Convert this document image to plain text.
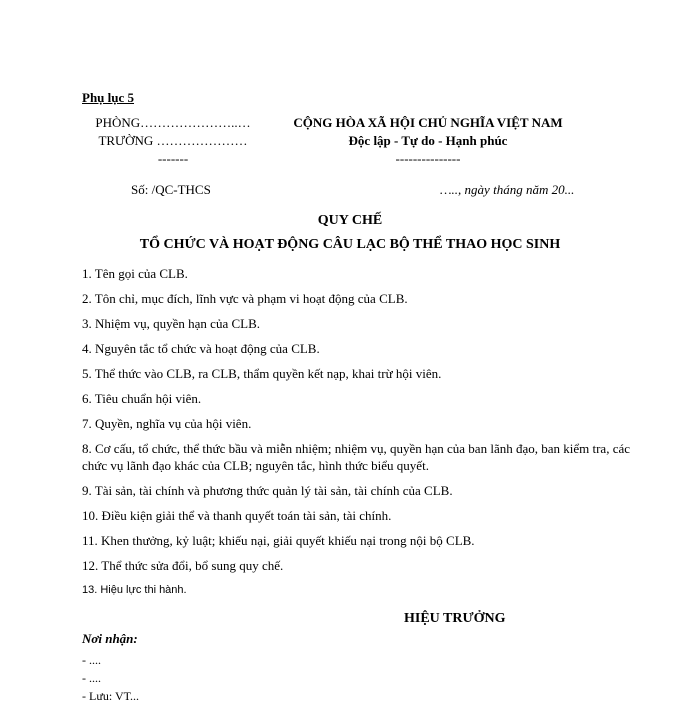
Phụ lục 5
PHÒNG…………………..…
TRƯỜNG …………………
-------
CỘNG HÒA XÃ HỘI CHỦ NGHĨA VIỆT NAM
Độc lập - Tự do - Hạnh phúc
---------------
Số: /QC-THCS	….., ngày tháng năm 20...
QUY CHẾ
TỔ CHỨC VÀ HOẠT ĐỘNG CÂU LẠC BỘ THỂ THAO HỌC SINH
1. Tên gọi của CLB.
2. Tôn chỉ, mục đích, lĩnh vực và phạm vi hoạt động của CLB.
3. Nhiệm vụ, quyền hạn của CLB.
4. Nguyên tắc tổ chức và hoạt động của CLB.
5. Thể thức vào CLB, ra CLB, thẩm quyền kết nạp, khai trừ hội viên.
6. Tiêu chuẩn hội viên.
7. Quyền, nghĩa vụ của hội viên.
8. Cơ cấu, tổ chức, thể thức bầu và miễn nhiệm; nhiệm vụ, quyền hạn của ban lãnh đạo, ban kiểm tra, các chức vụ lãnh đạo khác của CLB; nguyên tắc, hình thức biểu quyết.
9. Tài sản, tài chính và phương thức quản lý tài sản, tài chính của CLB.
10. Điều kiện giải thể và thanh quyết toán tài sản, tài chính.
11. Khen thưởng, kỷ luật; khiếu nại, giải quyết khiếu nại trong nội bộ CLB.
12. Thể thức sửa đổi, bổ sung quy chế.
13. Hiệu lực thi hành.
HIỆU TRƯỞNG
Nơi nhận:
- ....
- ....
- Lưu: VT...
